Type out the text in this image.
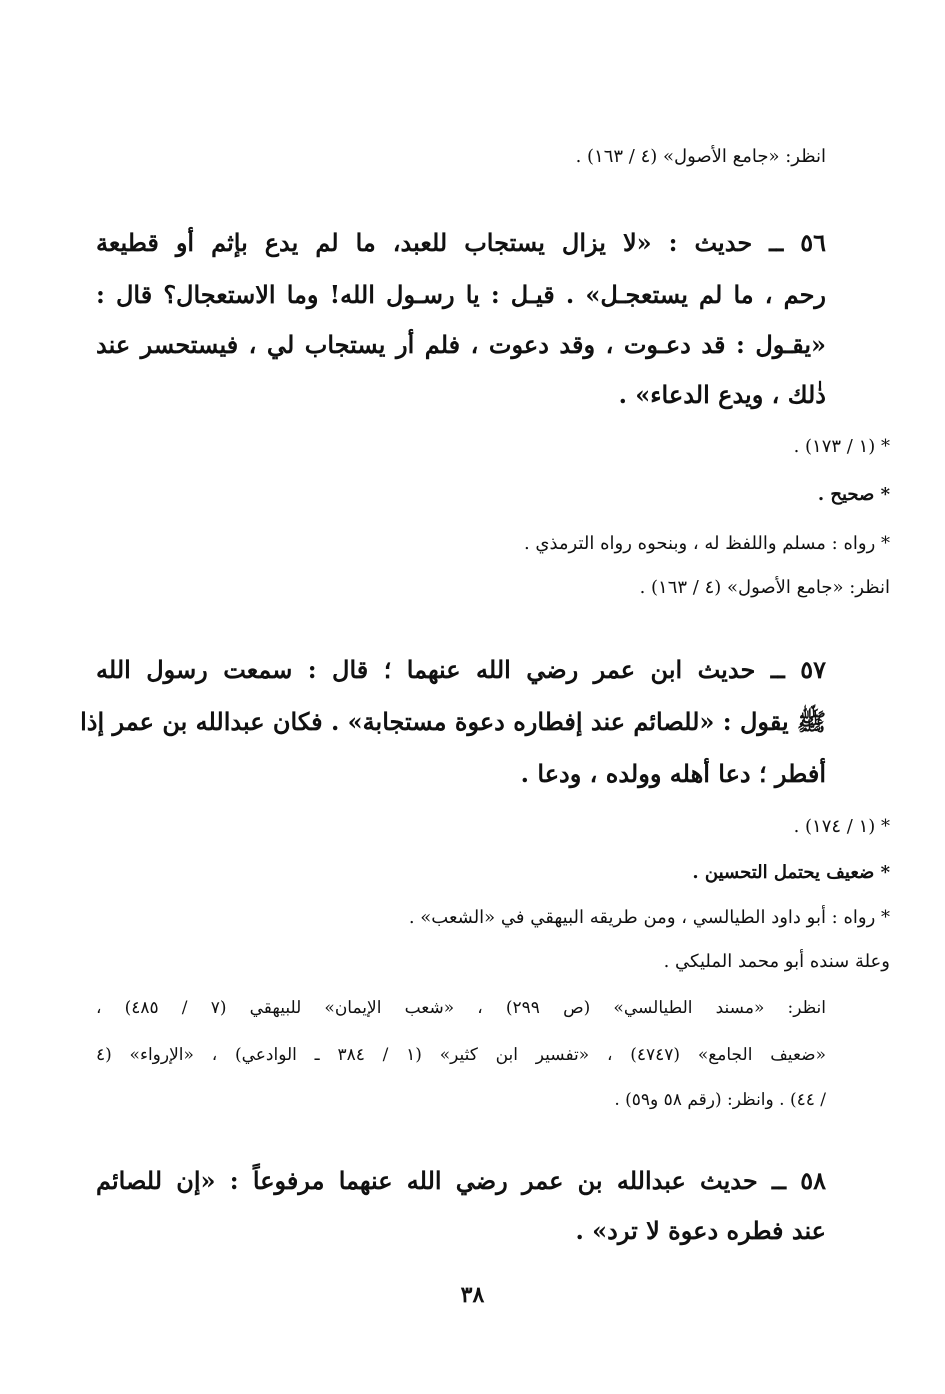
انظر: «جامع الأصول» (٤ / ١٦٣) .
٥٦ ــ حديث : «لا يزال يستجاب للعبد، ما لم يدع بإثم أو قطيعة
رحم ، ما لم يستعجـل» . قيـل : يا رسـول الله! وما الاستعجال؟ قال :
«يقـول : قد دعـوت ، وقد دعوت ، فلم أر يستجاب لي ، فيستحسر عند
ذٰلك ، ويدع الدعاء» .
* (١ / ١٧٣) .
* صحيح .
* رواه : مسلم واللفظ له ، وبنحوه رواه الترمذي .
انظر: «جامع الأصول» (٤ / ١٦٣) .
٥٧ ــ حديث ابن عمر رضي الله عنهما ؛ قال : سمعت رسول الله
ﷺ يقول : «للصائم عند إفطاره دعوة مستجابة» . فكان عبدالله بن عمر إذا
أفطر ؛ دعا أهله وولده ، ودعا .
* (١ / ١٧٤) .
* ضعيف يحتمل التحسين .
* رواه : أبو داود الطيالسي ، ومن طريقه البيهقي في «الشعب» .
وعلة سنده أبو محمد المليكي .
انظر: «مسند الطيالسي» (ص ٢٩٩) ، «شعب الإيمان» للبيهقي (٧ / ٤٨٥) ،
«ضعيف الجامع» (٤٧٤٧) ، «تفسير ابن كثير» (١ / ٣٨٤ ـ الوادعي) ، «الإرواء» (٤
/ ٤٤) . وانظر: (رقم ٥٨ و٥٩) .
٥٨ ــ حديث عبدالله بن عمر رضي الله عنهما مرفوعاً : «إن للصائم
عند فطره دعوة لا ترد» .
٣٨
